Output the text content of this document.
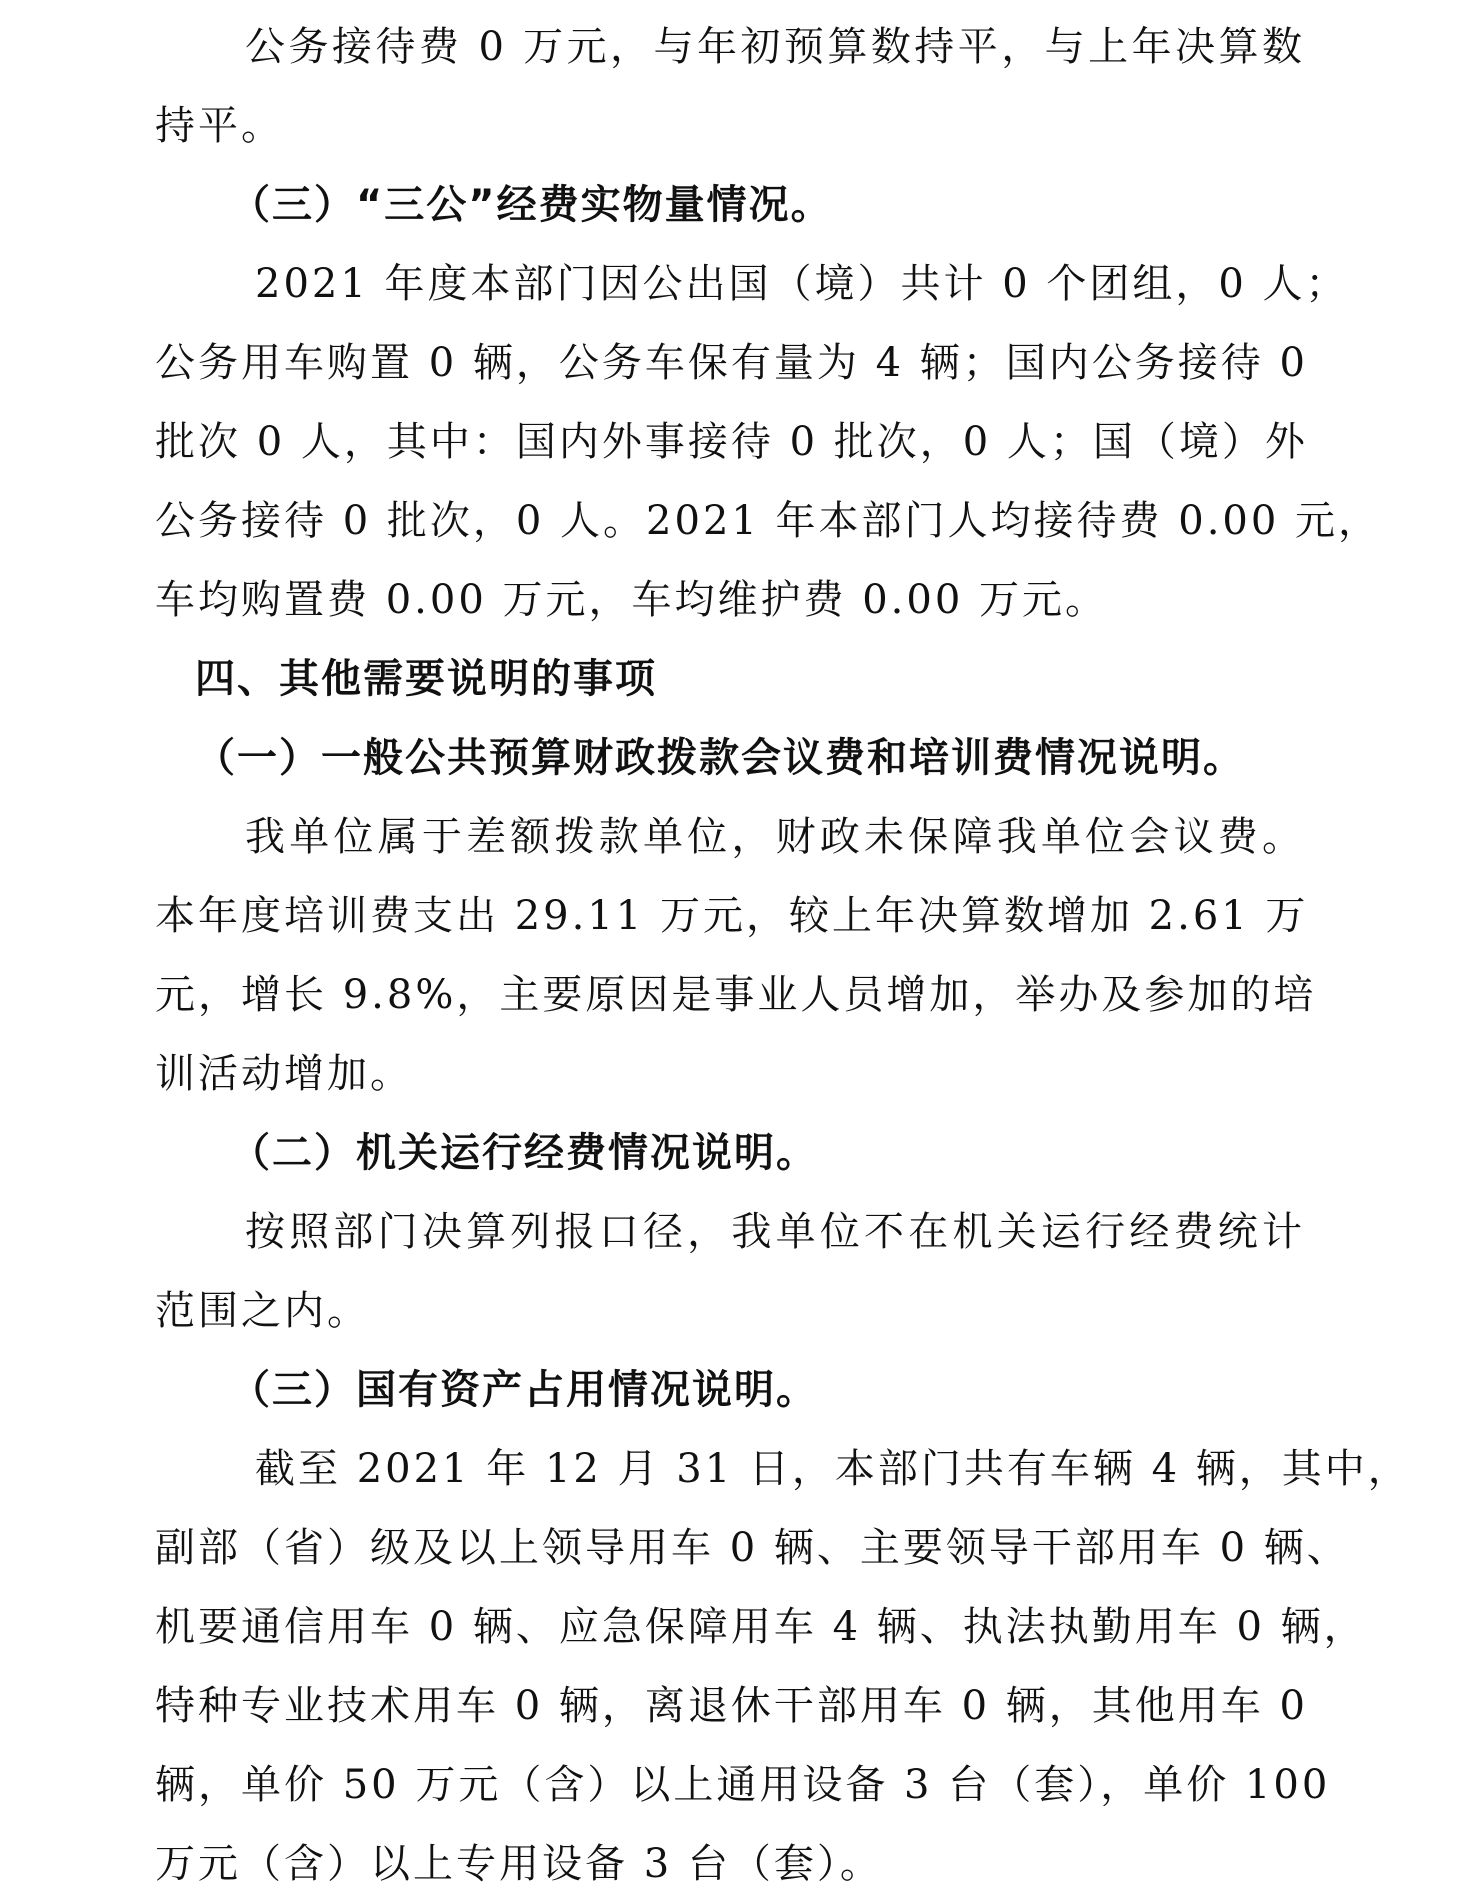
公务接待费 0 万元，与年初预算数持平，与上年决算数
持平。
（三）“三公”经费实物量情况。
2021 年度本部门因公出国（境）共计 0 个团组，0 人；
公务用车购置 0 辆，公务车保有量为 4 辆；国内公务接待 0
批次 0 人，其中：国内外事接待 0 批次，0 人；国（境）外
公务接待 0 批次，0 人。2021 年本部门人均接待费 0.00 元，
车均购置费 0.00 万元，车均维护费 0.00 万元。
四、其他需要说明的事项
（一）一般公共预算财政拨款会议费和培训费情况说明。
我单位属于差额拨款单位，财政未保障我单位会议费。
本年度培训费支出 29.11 万元，较上年决算数增加 2.61 万
元，增长 9.8%，主要原因是事业人员增加，举办及参加的培
训活动增加。
（二）机关运行经费情况说明。
按照部门决算列报口径，我单位不在机关运行经费统计
范围之内。
（三）国有资产占用情况说明。
截至 2021 年 12 月 31 日，本部门共有车辆 4 辆，其中，
副部（省）级及以上领导用车 0 辆、主要领导干部用车 0 辆、
机要通信用车 0 辆、应急保障用车 4 辆、执法执勤用车 0 辆，
特种专业技术用车 0 辆，离退休干部用车 0 辆，其他用车 0
辆，单价 50 万元（含）以上通用设备 3 台（套），单价 100
万元（含）以上专用设备 3 台（套）。
